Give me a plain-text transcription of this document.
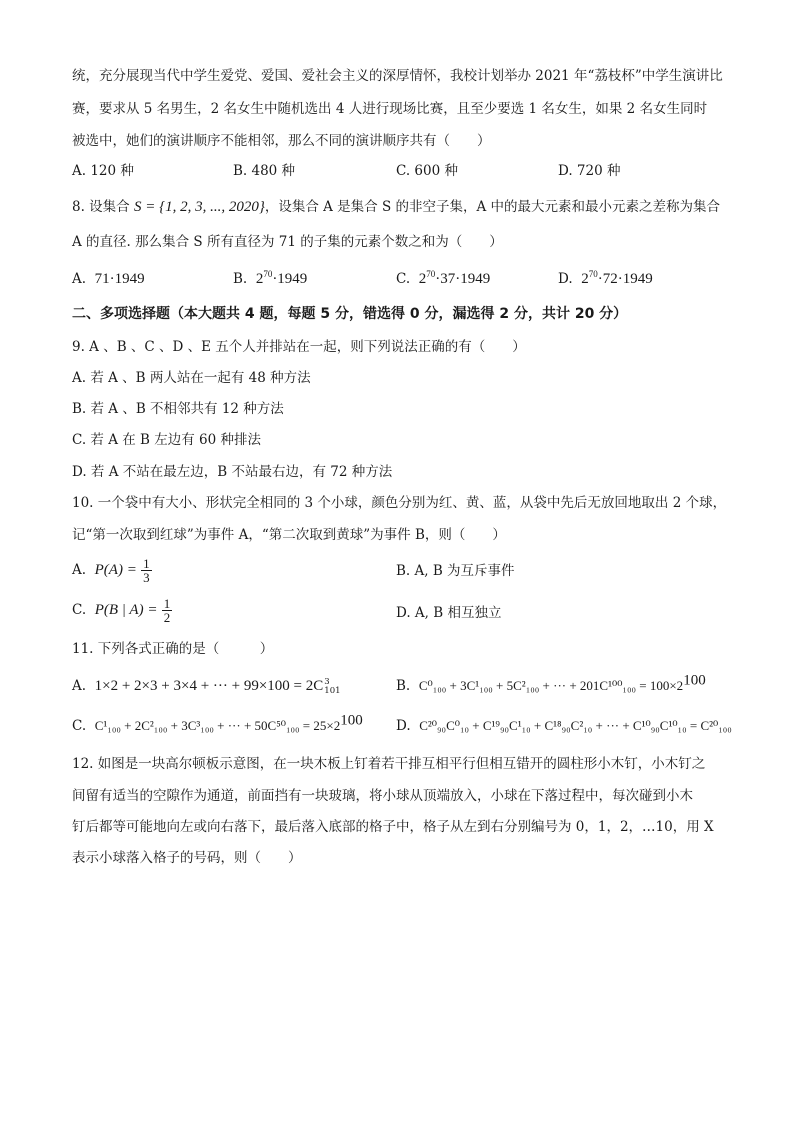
统，充分展现当代中学生爱党、爱国、爱社会主义的深厚情怀，我校计划举办 2021 年“荔枝杯”中学生演讲比
赛，要求从 5 名男生，2 名女生中随机选出 4 人进行现场比赛，且至少要选 1 名女生，如果 2 名女生同时
被选中，她们的演讲顺序不能相邻，那么不同的演讲顺序共有（　　）
A. 120 种	B. 480 种	C. 600 种	D. 720 种
8. 设集合 S = {1, 2, 3, ..., 2020}，设集合 A 是集合 S 的非空子集，A 中的最大元素和最小元素之差称为集合
A 的直径. 那么集合 S 所有直径为 71 的子集的元素个数之和为（　　）
A. 71·1949	B. $2^{70}\cdot 1949$	C. $2^{70}\cdot 37\cdot 1949$	D. $2^{70}\cdot 72\cdot 1949$
二、多项选择题（本大题共 4 题，每题 5 分，错选得 0 分，漏选得 2 分，共计 20 分）
9. A 、B 、C 、D 、E 五个人并排站在一起，则下列说法正确的有（　　）
A. 若 A 、B 两人站在一起有 48 种方法
B. 若 A 、B 不相邻共有 12 种方法
C. 若 A 在 B 左边有 60 种排法
D. 若 A 不站在最左边，B 不站最右边，有 72 种方法
10. 一个袋中有大小、形状完全相同的 3 个小球，颜色分别为红、黄、蓝，从袋中先后无放回地取出 2 个球，
记“第一次取到红球”为事件 A，“第二次取到黄球”为事件 B，则（　　）
A. $P(A) = \frac{1}{3}$	B. A, B 为互斥事件
C. P(B | $A) = \frac{1}{2}$	D. A, B 相互独立
11. 下列各式正确的是（　　　）
A. 1×2 + 2×3 + 3×4 + ··· + 99×100 = 2C 3
101	B. C⁰₁₀₀ + 3C¹₁₀₀ + 5C²₁₀₀ + ··· + $201C^{100}_{100} = 100\times 2^{100}$
C. C¹₁₀₀ + 2C²₁₀₀ + 3C³₁₀₀ + ··· + $50C^{50}_{100} = 25\times 2^{100}$ D. C²⁰₉₀C⁰₁₀ + C¹⁹₉₀C¹₁₀ + C¹⁸₉₀C²₁₀ + ··· + C¹⁰₉₀C¹⁰₁₀ = C²⁰₁₀₀
12. 如图是一块高尔顿板示意图，在一块木板上钉着若干排互相平行但相互错开的圆柱形小木钉，小木钉之
间留有适当的空隙作为通道，前面挡有一块玻璃，将小球从顶端放入，小球在下落过程中，每次碰到小木
钉后都等可能地向左或向右落下，最后落入底部的格子中，格子从左到右分别编号为 0，1，2，…10，用 X
表示小球落入格子的号码，则（　　）
